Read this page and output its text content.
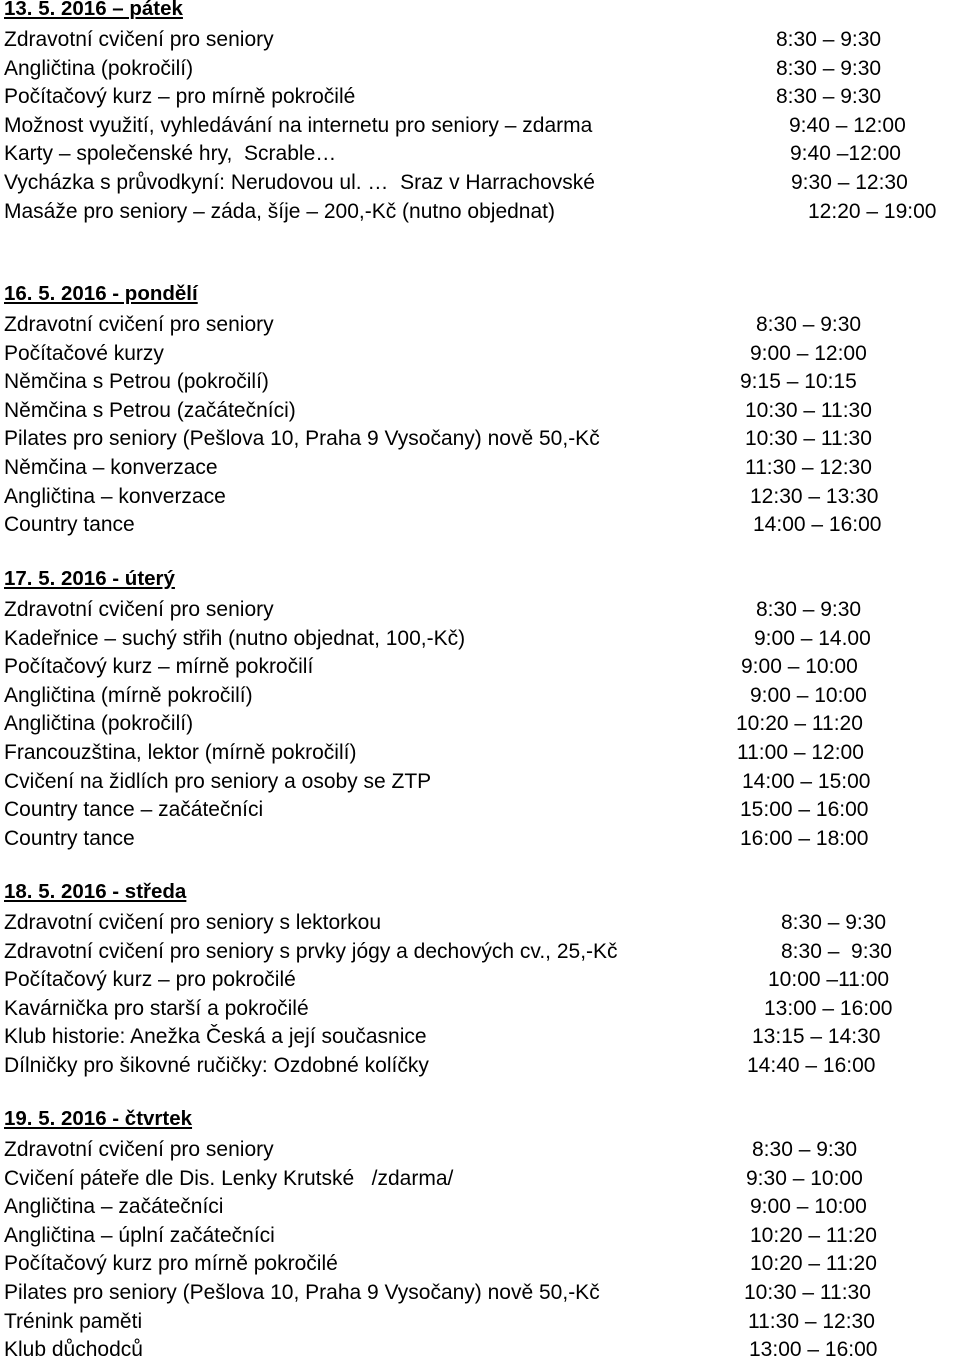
13. 5. 2016 – pátek
Zdravotní cvičení pro seniory	8:30 – 9:30
Angličtina (pokročilí)	8:30 – 9:30
Počítačový kurz – pro mírně pokročilé	8:30 – 9:30
Možnost využití, vyhledávání na internetu pro seniory – zdarma	9:40 – 12:00
Karty – společenské hry,  Scrable…	9:40 –12:00
Vycházka s průvodkyní: Nerudovou ul. …  Sraz v Harrachovské	9:30 – 12:30
Masáže pro seniory – záda, šíje – 200,-Kč (nutno objednat)	12:20 – 19:00
16. 5. 2016 - pondělí
Zdravotní cvičení pro seniory	8:30 – 9:30
Počítačové kurzy	9:00 – 12:00
Němčina s Petrou (pokročilí)	9:15 – 10:15
Němčina s Petrou (začátečníci)	10:30 – 11:30
Pilates pro seniory (Pešlova 10, Praha 9 Vysočany) nově 50,-Kč	10:30 – 11:30
Němčina – konverzace	11:30 – 12:30
Angličtina – konverzace	12:30 – 13:30
Country tance	14:00 – 16:00
17. 5. 2016 - úterý
Zdravotní cvičení pro seniory	8:30 – 9:30
Kadeřnice – suchý střih (nutno objednat, 100,-Kč)	9:00 – 14.00
Počítačový kurz – mírně pokročilí	9:00 – 10:00
Angličtina (mírně pokročilí)	9:00 – 10:00
Angličtina (pokročilí)	10:20 – 11:20
Francouzština, lektor (mírně pokročilí)	11:00 – 12:00
Cvičení na židlích pro seniory a osoby se ZTP	14:00 – 15:00
Country tance – začátečníci	15:00 – 16:00
Country tance	16:00 – 18:00
18. 5. 2016 - středa
Zdravotní cvičení pro seniory s lektorkou	8:30 – 9:30
Zdravotní cvičení pro seniory s prvky jógy a dechových cv., 25,-Kč	8:30 –  9:30
Počítačový kurz – pro pokročilé	10:00 –11:00
Kavárnička pro starší a pokročilé	13:00 – 16:00
Klub historie: Anežka Česká a její současnice	13:15 – 14:30
Dílničky pro šikovné ručičky: Ozdobné kolíčky	14:40 – 16:00
19. 5. 2016 - čtvrtek
Zdravotní cvičení pro seniory	8:30 – 9:30
Cvičení páteře dle Dis. Lenky Krutské   /zdarma/	9:30 – 10:00
Angličtina – začátečníci	9:00 – 10:00
Angličtina – úplní začátečníci	10:20 – 11:20
Počítačový kurz pro mírně pokročilé	10:20 – 11:20
Pilates pro seniory (Pešlova 10, Praha 9 Vysočany) nově 50,-Kč	10:30 – 11:30
Trénink paměti	11:30 – 12:30
Klub důchodců	13:00 – 16:00
